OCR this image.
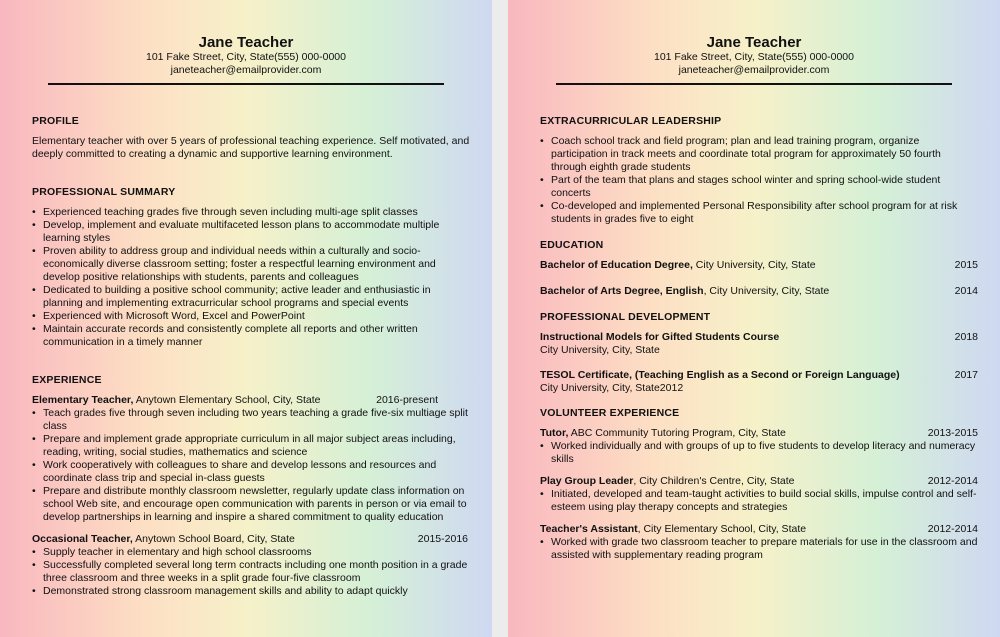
Jane Teacher
101 Fake Street, City, State(555) 000-0000
janeteacher@emailprovider.com
PROFILE

Elementary teacher with over 5 years of professional teaching experience. Self motivated, and deeply committed to creating a dynamic and supportive learning environment.

PROFESSIONAL SUMMARY
• Experienced teaching grades five through seven including multi-age split classes
• Develop, implement and evaluate multifaceted lesson plans to accommodate multiple learning styles
• Proven ability to address group and individual needs within a culturally and socio-economically diverse classroom setting; foster a respectful learning environment and develop positive relationships with students, parents and colleagues
• Dedicated to building a positive school community; active leader and enthusiastic in planning and implementing extracurricular school programs and special events
• Experienced with Microsoft Word, Excel and PowerPoint
• Maintain accurate records and consistently complete all reports and other written communication in a timely manner
EXPERIENCE
Elementary Teacher, Anytown Elementary School, City, State	2016-present
• Teach grades five through seven including two years teaching a grade five-six multiage split class
• Prepare and implement grade appropriate curriculum in all major subject areas including, reading, writing, social studies, mathematics and science
• Work cooperatively with colleagues to share and develop lessons and resources and coordinate class trip and special in-class guests
• Prepare and distribute monthly classroom newsletter, regularly update class information on school Web site, and encourage open communication with parents in person or via email to develop partnerships in learning and inspire a shared commitment to quality education
Occasional Teacher, Anytown School Board, City, State	2015-2016
• Supply teacher in elementary and high school classrooms
• Successfully completed several long term contracts including one month position in a grade three classroom and three weeks in a split grade four-five classroom
• Demonstrated strong classroom management skills and ability to adapt quickly
Jane Teacher
101 Fake Street, City, State(555) 000-0000
janeteacher@emailprovider.com
EXTRACURRICULAR LEADERSHIP
• Coach school track and field program; plan and lead training program, organize participation in track meets and coordinate total program for approximately 50 fourth through eighth grade students
• Part of the team that plans and stages school winter and spring school-wide student concerts
• Co-developed and implemented Personal Responsibility after school program for at risk students in grades five to eight
EDUCATION
Bachelor of Education Degree, City University, City, State	2015
Bachelor of Arts Degree, English, City University, City, State	2014
PROFESSIONAL DEVELOPMENT
Instructional Models for Gifted Students Course	2018
City University, City, State
TESOL Certificate, (Teaching English as a Second or Foreign Language)	2017
City University, City, State2012
VOLUNTEER EXPERIENCE
Tutor, ABC Community Tutoring Program, City, State	2013-2015
• Worked individually and with groups of up to five students to develop literacy and numeracy skills
Play Group Leader, City Children's Centre, City, State	2012-2014
• Initiated, developed and team-taught activities to build social skills, impulse control and self-esteem using play therapy concepts and strategies
Teacher's Assistant, City Elementary School, City, State	2012-2014
• Worked with grade two classroom teacher to prepare materials for use in the classroom and assisted with supplementary reading program
